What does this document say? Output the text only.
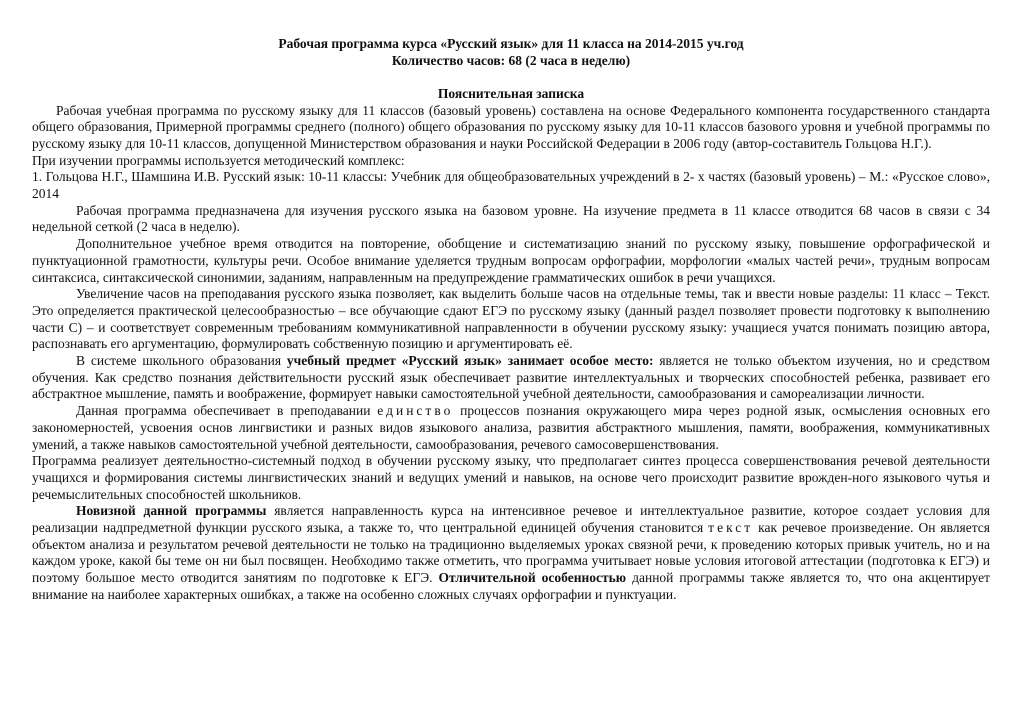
Рабочая программа курса «Русский язык» для 11 класса на 2014-2015 уч.год
Количество часов: 68 (2 часа в неделю)
Пояснительная записка

Рабочая учебная программа по русскому языку для 11 классов (базовый уровень) составлена на основе Федерального компонента государственного стандарта общего образования, Примерной программы среднего (полного) общего образования по русскому языку для 10-11 классов базового уровня и учебной программы по русскому языку для 10-11 классов, допущенной Министерством образования и науки Российской Федерации в 2006 году (автор-составитель Гольцова Н.Г.).

При изучении программы используется методический комплекс:

1. Гольцова Н.Г., Шамшина И.В. Русский язык: 10-11 классы: Учебник для общеобразовательных учреждений в 2- х частях (базовый уровень) – М.: «Русское слово», 2014

Рабочая программа предназначена для изучения русского языка на базовом уровне. На изучение предмета в 11 классе отводится 68 часов в связи с 34 недельной сеткой (2 часа в неделю).

Дополнительное учебное время отводится на повторение, обобщение и систематизацию знаний по русскому языку, повышение орфографической и пунктуационной грамотности, культуры речи. Особое внимание уделяется трудным вопросам орфографии, морфологии «малых частей речи», трудным вопросам синтаксиса, синтаксической синонимии, заданиям, направленным на предупреждение грамматических ошибок в речи учащихся.

Увеличение часов на преподавания русского языка позволяет, как выделить больше часов на отдельные темы, так и ввести новые разделы: 11 класс – Текст. Это определяется практической целесообразностью – все обучающие сдают ЕГЭ по русскому языку (данный раздел позволяет провести подготовку к выполнению части С) – и соответствует современным требованиям коммуникативной направленности в обучении русскому языку: учащиеся учатся понимать позицию автора, распознавать его аргументацию, формулировать собственную позицию и аргументировать её.

В системе школьного образования учебный предмет «Русский язык» занимает особое место: является не только объектом изучения, но и средством обучения. Как средство познания действительности русский язык обеспечивает развитие интеллектуальных и творческих способностей ребенка, развивает его абстрактное мышление, память и воображение, формирует навыки самостоятельной учебной деятельности, самообразования и самореализации личности.

Данная программа обеспечивает в преподавании единство процессов познания окружающего мира через родной язык, осмысления основных его закономерностей, усвоения основ лингвистики и разных видов языкового анализа, развития абстрактного мышления, памяти, воображения, коммуникативных умений, а также навыков самостоятельной учебной деятельности, самообразования, речевого самосовершенствования.

Программа реализует деятельностно-системный подход в обучении русскому языку, что предполагает синтез процесса совершенствования речевой деятельности учащихся и формирования системы лингвистических знаний и ведущих умений и навыков, на основе чего происходит развитие врожден-ного языкового чутья и речемыслительных способностей школьников.

Новизной данной программы является направленность курса на интенсивное речевое и интеллектуальное развитие, которое создает условия для реализации надпредметной функции русского языка, а также то, что центральной единицей обучения становится текст как речевое произведение. Он является объектом анализа и результатом речевой деятельности не только на традиционно выделяемых уроках связной речи, к проведению которых привык учитель, но и на каждом уроке, какой бы теме он ни был посвящен. Необходимо также отметить, что программа учитывает новые условия итоговой аттестации (подготовка к ЕГЭ) и поэтому большое место отводится занятиям по подготовке к ЕГЭ. Отличительной особенностью данной программы также является то, что она акцентирует внимание на наиболее характерных ошибках, а также на особенно сложных случаях орфографии и пунктуации.
